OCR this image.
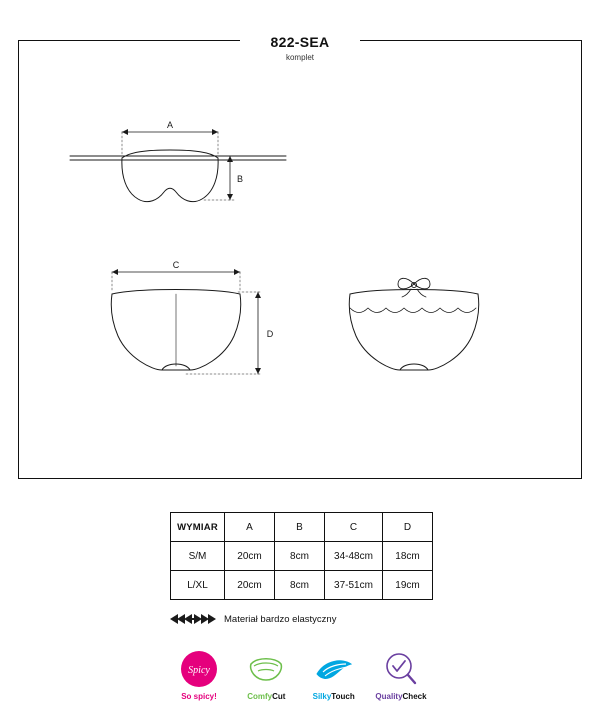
822-SEA
komplet
A
B
C
D
WYMIAR	A	B	C	D
S/M	20cm	8cm	34-48cm	18cm
L/XL	20cm	8cm	37-51cm	19cm
Materiał bardzo elastyczny
Spicy
So spicy!	ComfyCut	SilkyTouch	QualityCheck
